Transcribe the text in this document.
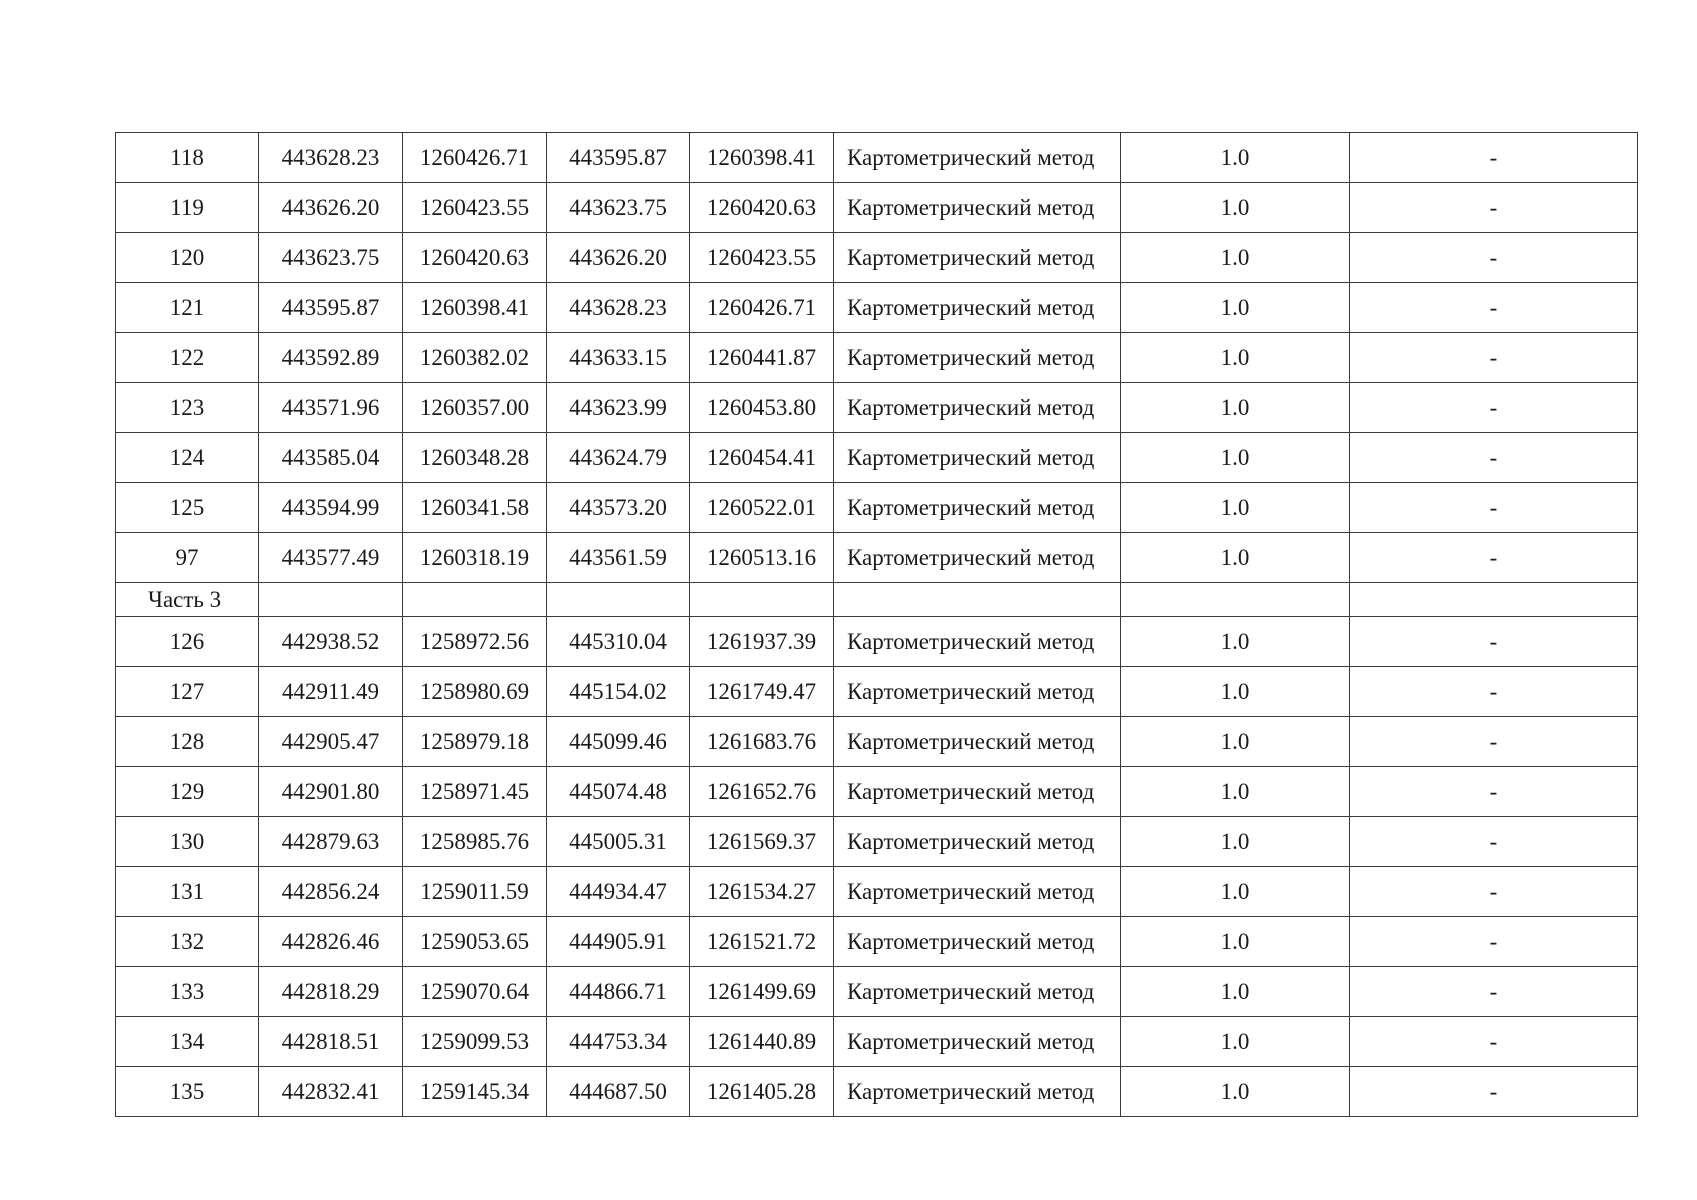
118	443628.23	1260426.71	443595.87	1260398.41	Картометрический метод	1.0	-
119	443626.20	1260423.55	443623.75	1260420.63	Картометрический метод	1.0	-
120	443623.75	1260420.63	443626.20	1260423.55	Картометрический метод	1.0	-
121	443595.87	1260398.41	443628.23	1260426.71	Картометрический метод	1.0	-
122	443592.89	1260382.02	443633.15	1260441.87	Картометрический метод	1.0	-
123	443571.96	1260357.00	443623.99	1260453.80	Картометрический метод	1.0	-
124	443585.04	1260348.28	443624.79	1260454.41	Картометрический метод	1.0	-
125	443594.99	1260341.58	443573.20	1260522.01	Картометрический метод	1.0	-
97	443577.49	1260318.19	443561.59	1260513.16	Картометрический метод	1.0	-
Часть 3							
126	442938.52	1258972.56	445310.04	1261937.39	Картометрический метод	1.0	-
127	442911.49	1258980.69	445154.02	1261749.47	Картометрический метод	1.0	-
128	442905.47	1258979.18	445099.46	1261683.76	Картометрический метод	1.0	-
129	442901.80	1258971.45	445074.48	1261652.76	Картометрический метод	1.0	-
130	442879.63	1258985.76	445005.31	1261569.37	Картометрический метод	1.0	-
131	442856.24	1259011.59	444934.47	1261534.27	Картометрический метод	1.0	-
132	442826.46	1259053.65	444905.91	1261521.72	Картометрический метод	1.0	-
133	442818.29	1259070.64	444866.71	1261499.69	Картометрический метод	1.0	-
134	442818.51	1259099.53	444753.34	1261440.89	Картометрический метод	1.0	-
135	442832.41	1259145.34	444687.50	1261405.28	Картометрический метод	1.0	-
